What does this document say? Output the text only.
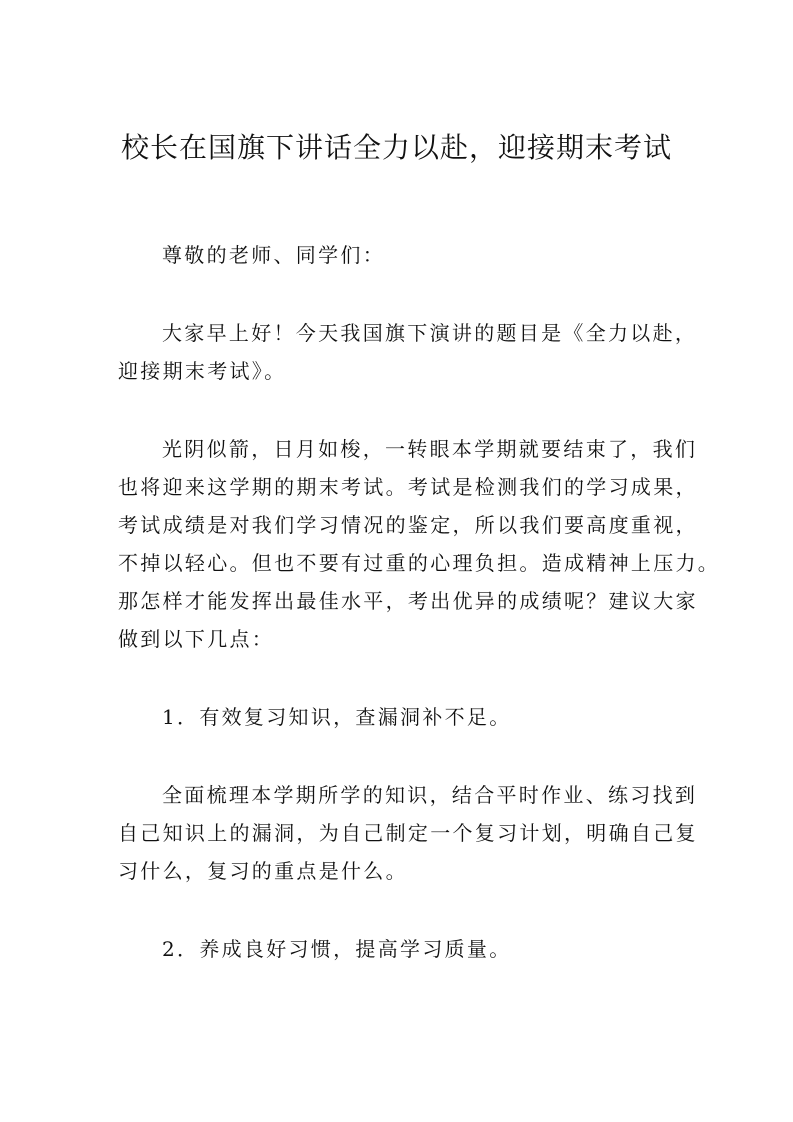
校长在国旗下讲话全力以赴，迎接期末考试

尊敬的老师、同学们：

大家早上好！今天我国旗下演讲的题目是《全力以赴，
迎接期末考试》。

光阴似箭，日月如梭，一转眼本学期就要结束了，我们
也将迎来这学期的期末考试。考试是检测我们的学习成果，
考试成绩是对我们学习情况的鉴定，所以我们要高度重视，
不掉以轻心。但也不要有过重的心理负担。造成精神上压力。
那怎样才能发挥出最佳水平，考出优异的成绩呢？建议大家
做到以下几点：

1．有效复习知识，查漏洞补不足。

全面梳理本学期所学的知识，结合平时作业、练习找到
自己知识上的漏洞，为自己制定一个复习计划，明确自己复
习什么，复习的重点是什么。

2．养成良好习惯，提高学习质量。
